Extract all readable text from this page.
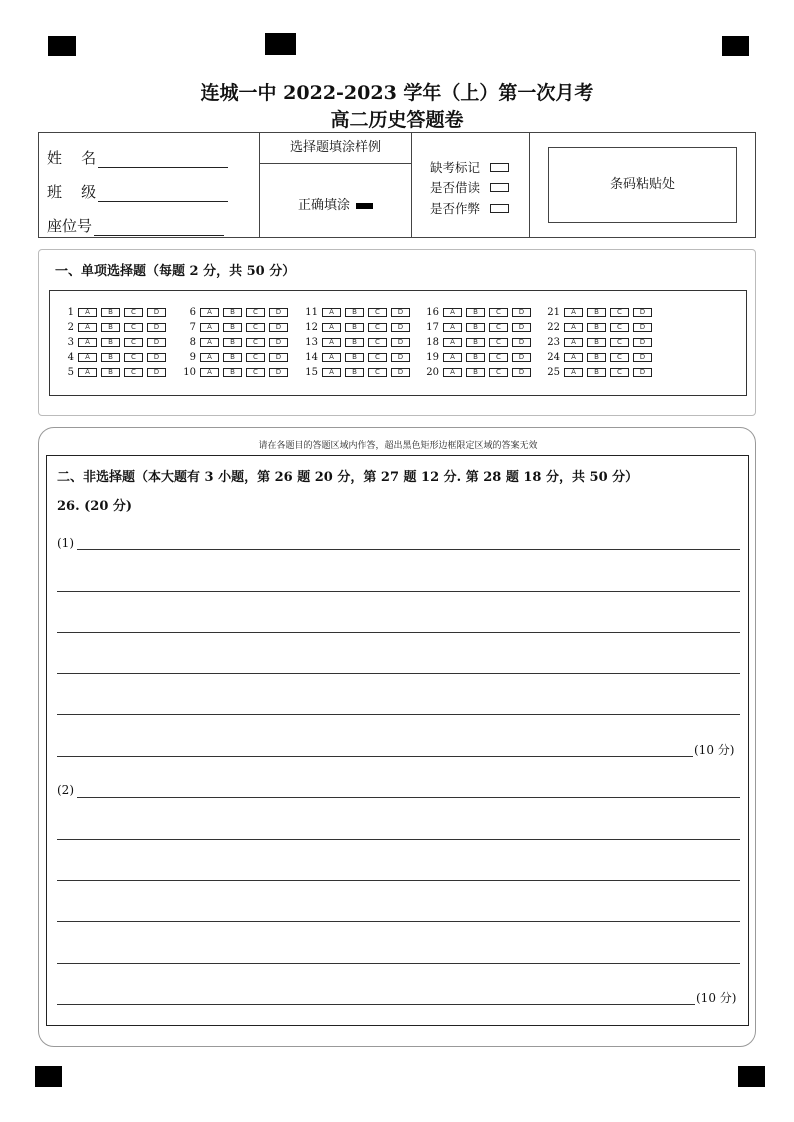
连城一中 2022-2023 学年（上）第一次月考
高二历史答题卷
姓    名
班    级
座位号
选择题填涂样例
正确填涂
缺考标记
是否借读
是否作弊
条码粘贴处
一、单项选择题（每题 2 分，共 50 分）
1	A	B	C	D
2	A	B	C	D
3	A	B	C	D
4	A	B	C	D
5	A	B	C	D
6	A	B	C	D
7	A	B	C	D
8	A	B	C	D
9	A	B	C	D
10	A	B	C	D
11	A	B	C	D
12	A	B	C	D
13	A	B	C	D
14	A	B	C	D
15	A	B	C	D
16	A	B	C	D
17	A	B	C	D
18	A	B	C	D
19	A	B	C	D
20	A	B	C	D
21	A	B	C	D
22	A	B	C	D
23	A	B	C	D
24	A	B	C	D
25	A	B	C	D
请在各题目的答题区域内作答，超出黑色矩形边框限定区域的答案无效
二、非选择题（本大题有 3 小题，第 26 题 20 分，第 27 题 12 分. 第 28 题 18 分，共 50 分）
26. (20 分)
(1)
(10 分)
(2)
(10 分)
